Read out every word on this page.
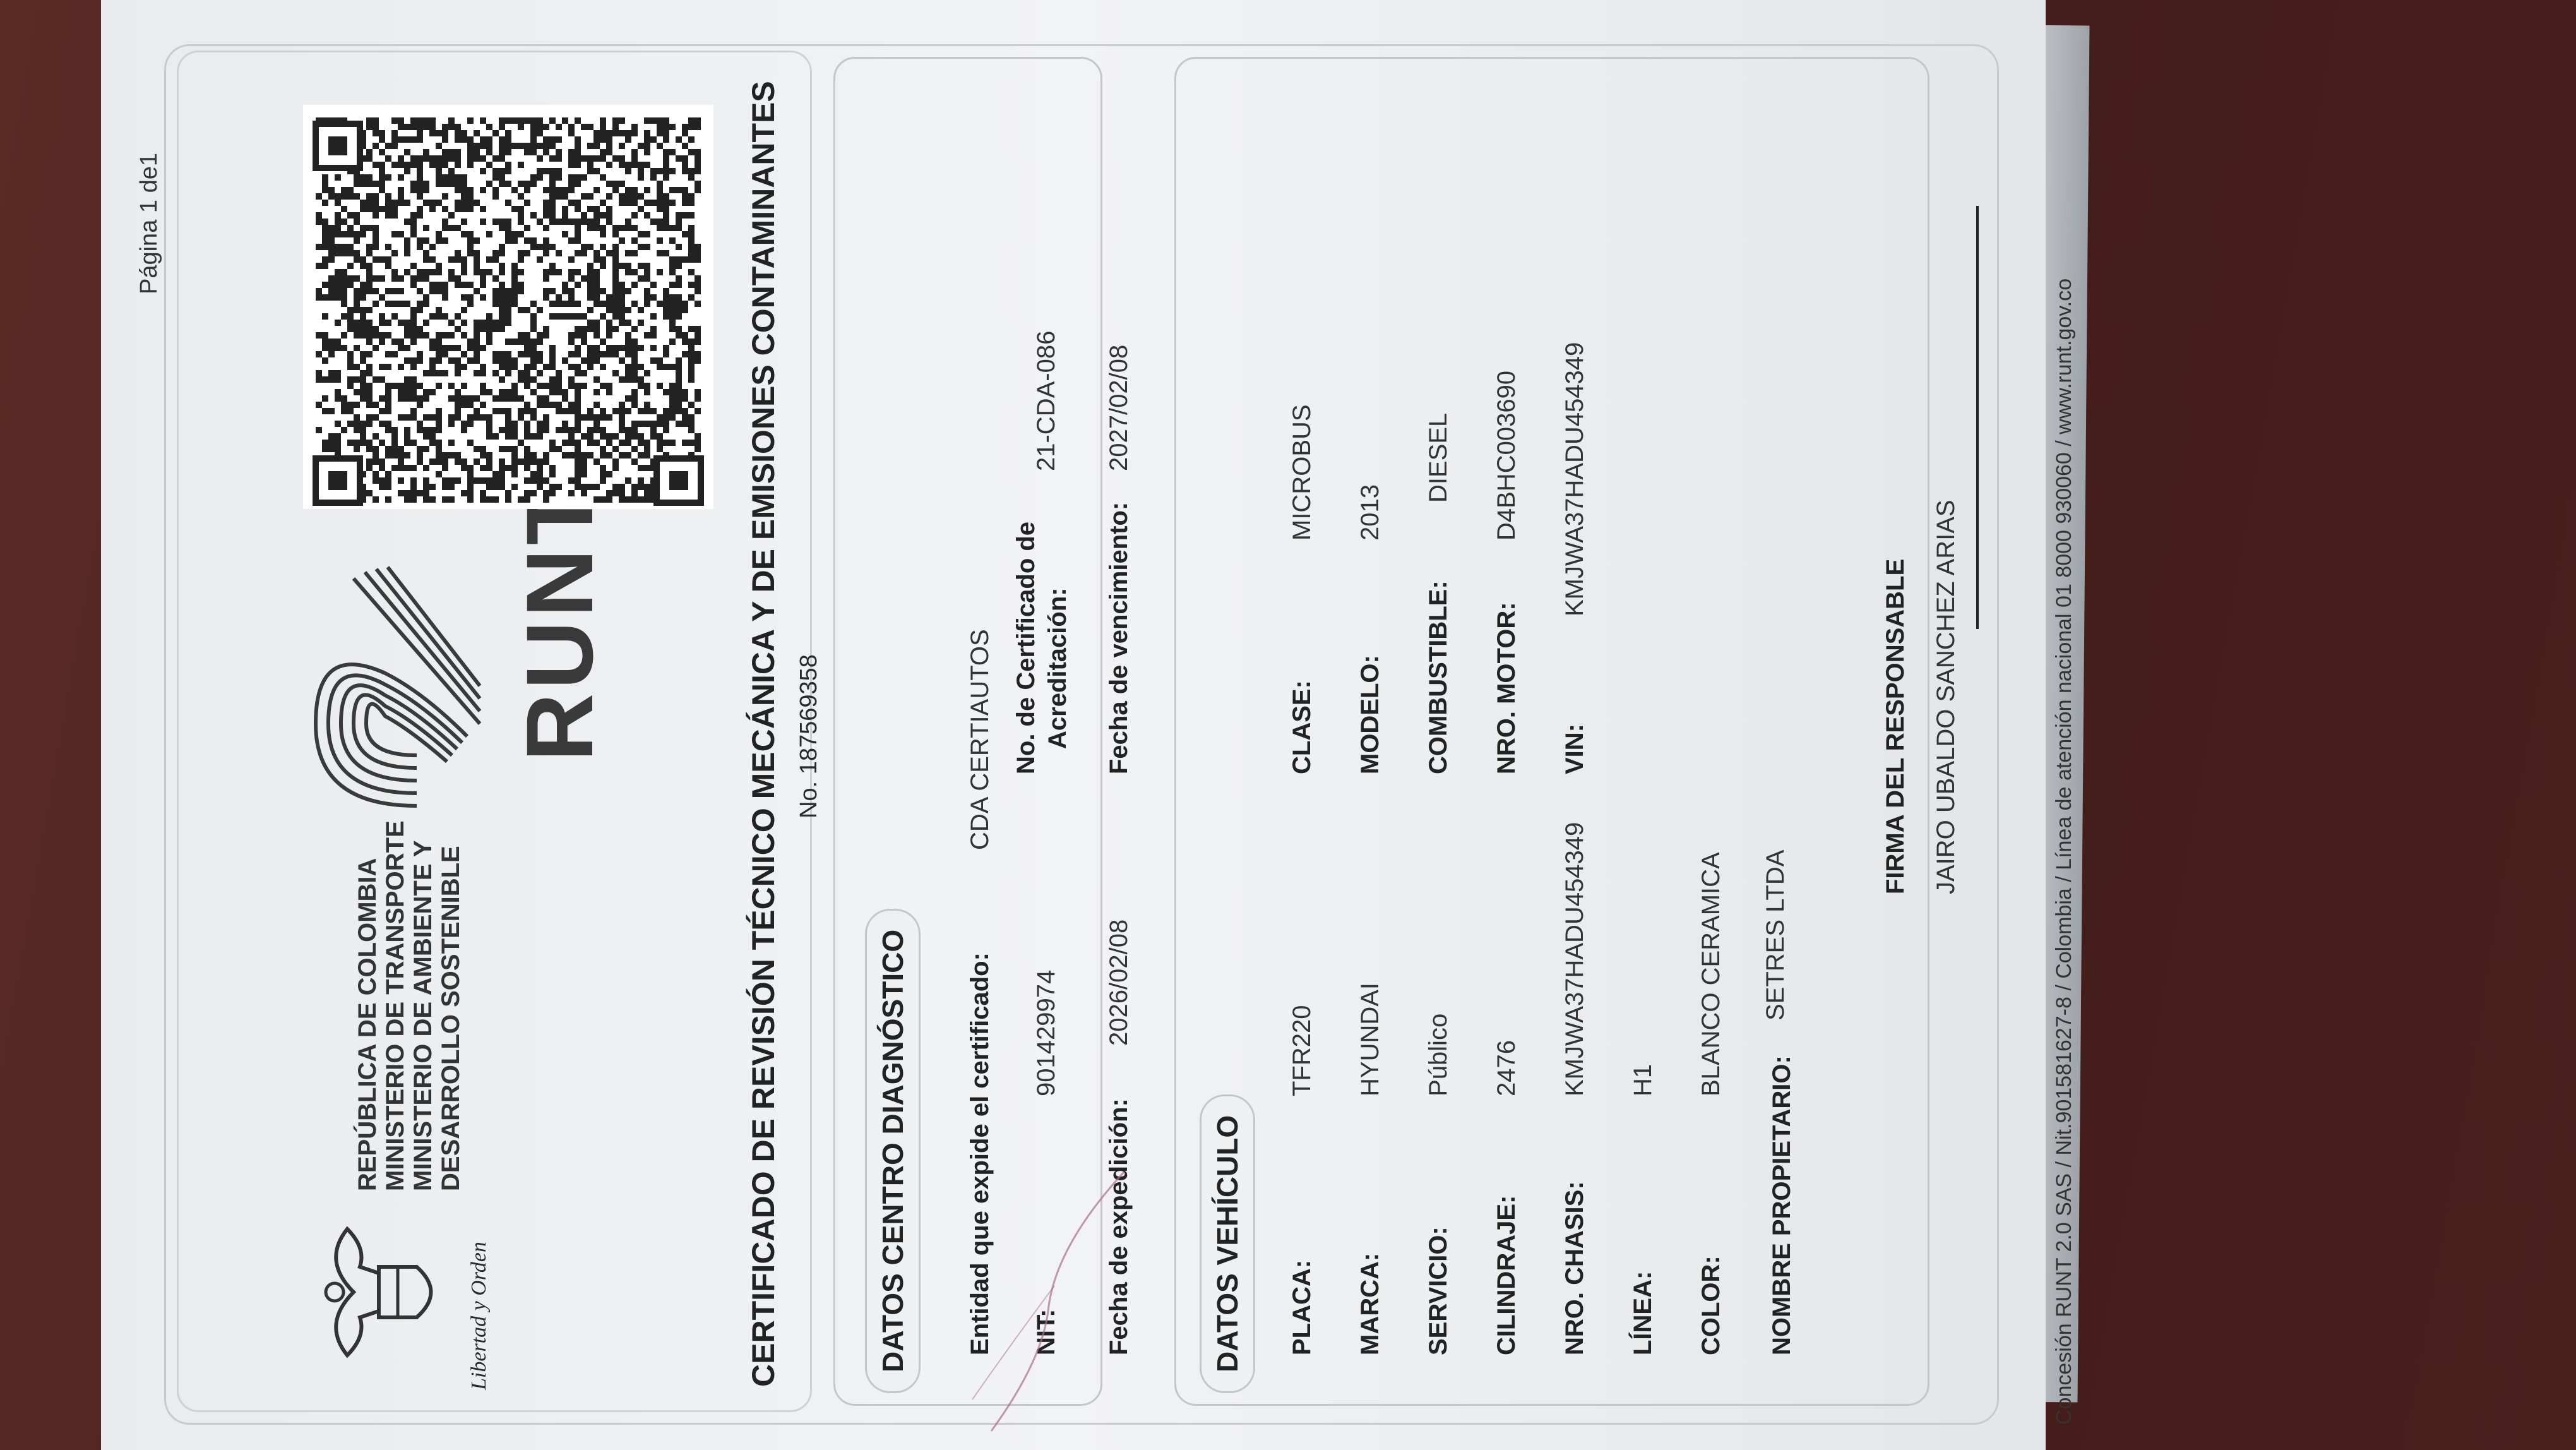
Página 1 de1
Libertad y Orden
REPÚBLICA DE COLOMBIA MINISTERIO DE TRANSPORTE MINISTERIO DE AMBIENTE Y DESARROLLO SOSTENIBLE
RUNT	CERTIFICADO DE REVISIÓN TÉCNICO MECÁNICA Y DE EMISIONES CONTAMINANTES No. 187569358
DATOS CENTRO DIAGNÓSTICO	Entidad que expide el certificado:
CDA CERTIAUTOS
NIT:
901429974
No. de Certificado de Acreditación:
21-CDA-086
Fecha de expedición:
2026/02/08
Fecha de vencimiento:
2027/02/08
DATOS VEHÍCULO	NOMBRE PROPIETARIO:
SETRES LTDA
FIRMA DEL RESPONSABLE JAIRO UBALDO SANCHEZ ARIAS	Concesión RUNT 2.0 SAS / Nit.901581627-8 / Colombia / Línea de atención nacional 01 8000 930060 / www.runt.gov.co
PLACA:
TFR220
MARCA:
HYUNDAI
SERVICIO:
Público
CILINDRAJE:
2476
NRO. CHASIS:
KMJWA37HADU454349
LÍNEA:
H1
COLOR:
BLANCO CERAMICA
CLASE:
MICROBUS
MODELO:
2013
COMBUSTIBLE:
DIESEL
NRO. MOTOR:
D4BHC003690
VIN:
KMJWA37HADU454349
